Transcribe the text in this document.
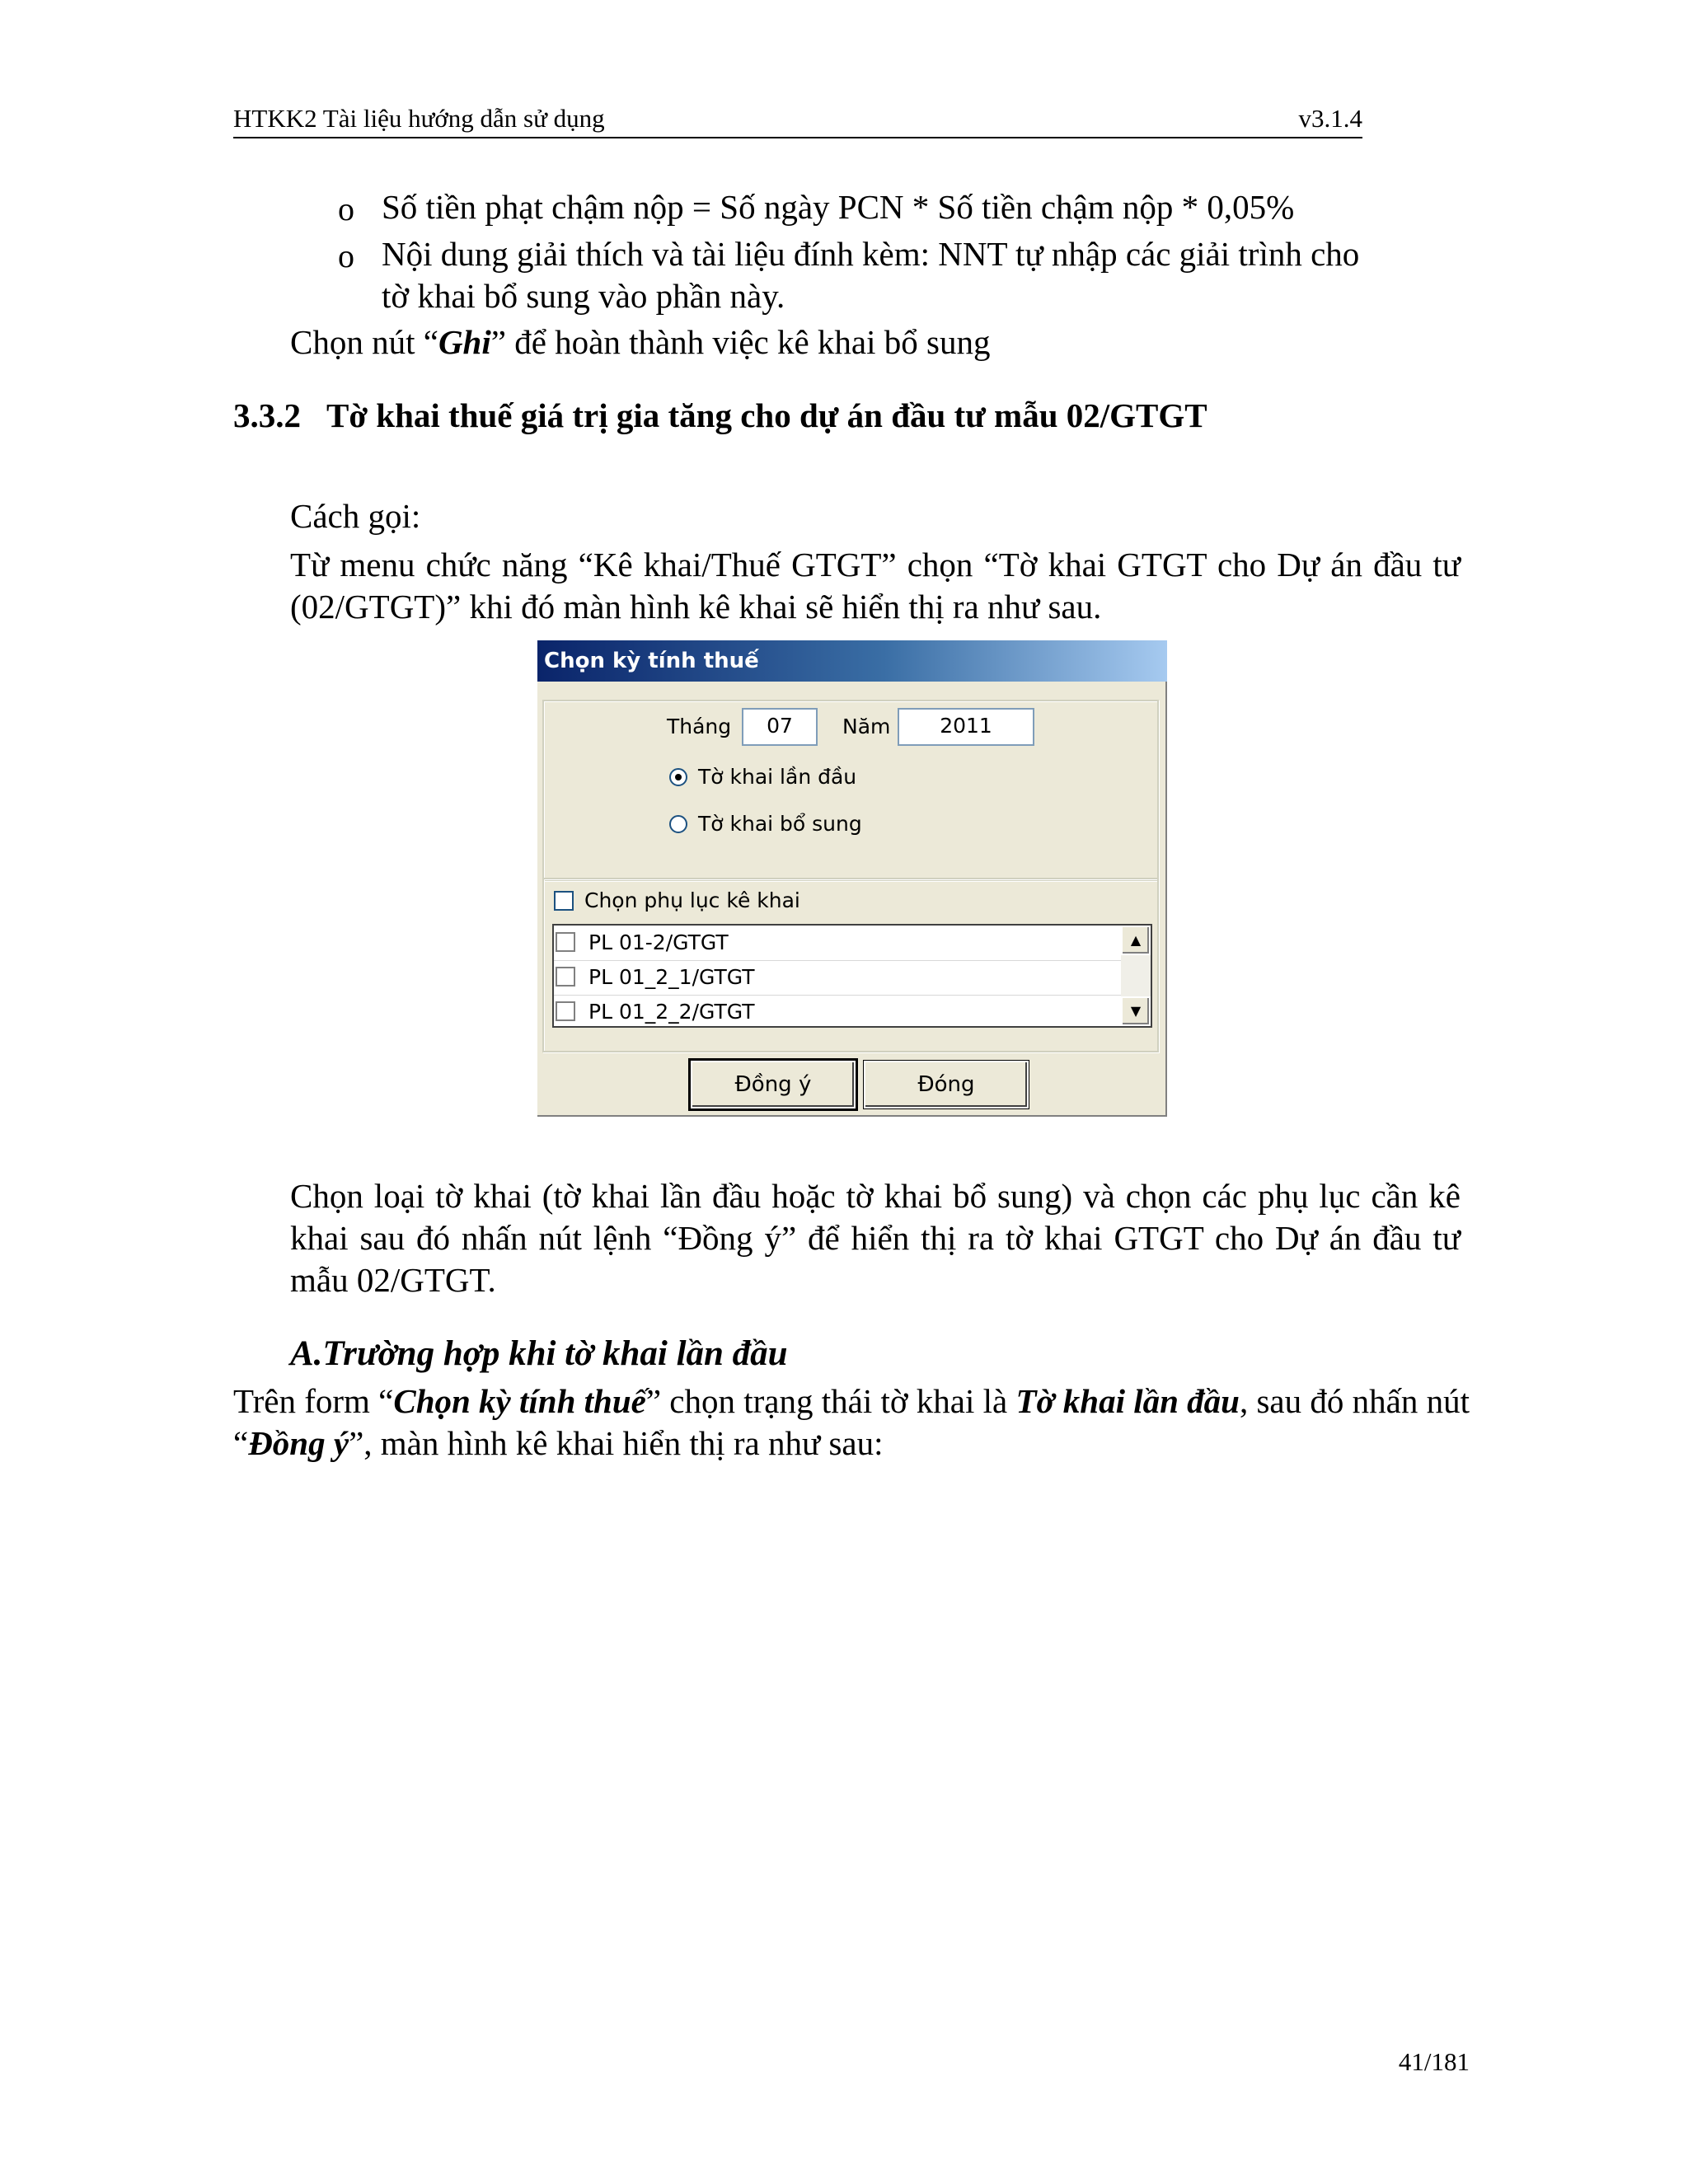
HTKK2 Tài liệu hướng dẫn sử dụng	v3.1.4
o Số tiền phạt chậm nộp = Số ngày PCN * Số tiền chậm nộp * 0,05%
o Nội dung giải thích và tài liệu đính kèm: NNT tự nhập các giải trình cho
tờ khai bổ sung vào phần này.
Chọn nút “Ghi” để hoàn thành việc kê khai bổ sung
3.3.2 Tờ khai thuế giá trị gia tăng cho dự án đầu tư mẫu 02/GTGT
Cách gọi:
Từ menu chức năng “Kê khai/Thuế GTGT” chọn “Tờ khai GTGT cho Dự án đầu tư (02/GTGT)” khi đó màn hình kê khai sẽ hiển thị ra như sau.
Chọn kỳ tính thuế
Tháng	07	Năm	2011
Tờ khai lần đầu
Tờ khai bổ sung
Chọn phụ lục kê khai
PL 01-2/GTGT
PL 01_2_1/GTGT
PL 01_2_2/GTGT
▲
▼
Đồng ý	Đóng
Chọn loại tờ khai (tờ khai lần đầu hoặc tờ khai bổ sung) và chọn các phụ lục cần kê khai sau đó nhấn nút lệnh “Đồng ý” để hiển thị ra tờ khai GTGT cho Dự án đầu tư mẫu 02/GTGT.
A.Trường hợp khi tờ khai lần đầu
Trên form “Chọn kỳ tính thuế” chọn trạng thái tờ khai là Tờ khai lần đầu, sau đó nhấn nút “Đồng ý”, màn hình kê khai hiển thị ra như sau:
41/181
